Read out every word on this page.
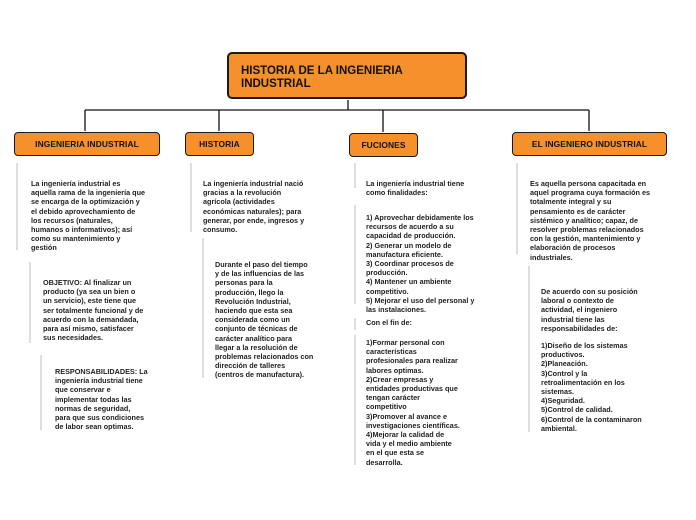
HISTORIA DE LA INGENIERIA
INDUSTRIAL
INGENIERIA INDUSTRIAL	HISTORIA	FUCIONES	EL INGENIERO INDUSTRIAL

La ingeniería industrial es
aquella rama de la ingeniería que
se encarga de la optimización y
el debido aprovechamiento de
los recursos (naturales,
humanos o informativos); así
como su mantenimiento y
gestión

OBJETIVO: Al finalizar un
producto (ya sea un bien o
un servicio), este tiene que
ser totalmente funcional y de
acuerdo con la demandada,
para así mismo, satisfacer
sus necesidades.

RESPONSABILIDADES: La
ingeniería industrial tiene
que conservar e
implementar todas las
normas de seguridad,
para que sus condiciones
de labor sean optimas.

La ingeniería industrial nació
gracias a la revolución
agrícola (actividades
económicas naturales); para
generar, por ende, ingresos y
consumo.

Durante el paso del tiempo
y de las influencias de las
personas para la
producción, llego la
Revolución Industrial,
haciendo que esta sea
considerada como un
conjunto de técnicas de
carácter analítico para
llegar a la resolución de
problemas relacionados con
dirección de talleres
(centros de manufactura).

La ingeniería industrial tiene
como finalidades:

1) Aprovechar debidamente los
recursos de acuerdo a su
capacidad de producción.
2) Generar un modelo de
manufactura eficiente.
3) Coordinar procesos de
producción.
4) Mantener un ambiente
competitivo.
5) Mejorar el uso del personal y
las instalaciones.

Con el fin de:

1)Formar personal con
características
profesionales para realizar
labores optimas.
2)Crear empresas y
entidades productivas que
tengan carácter
competitivo
3)Promover al avance e
investigaciones científicas.
4)Mejorar la calidad de
vida y el medio ambiente
en el que esta se
desarrolla.

Es aquella persona capacitada en
aquel programa cuya formación es
totalmente integral y su
pensamiento es de carácter
sistémico y analítico; capaz, de
resolver problemas relacionados
con la gestión, mantenimiento y
elaboración de procesos
industriales.

De acuerdo con su posición
laboral o contexto de
actividad, el ingeniero
industrial tiene las
responsabilidades de:

1)Diseño de los sistemas
productivos.
2)Planeación.
3)Control y la
retroalimentación en los
sistemas.
4)Seguridad.
5)Control de calidad.
6)Control de la contaminaron
ambiental.
